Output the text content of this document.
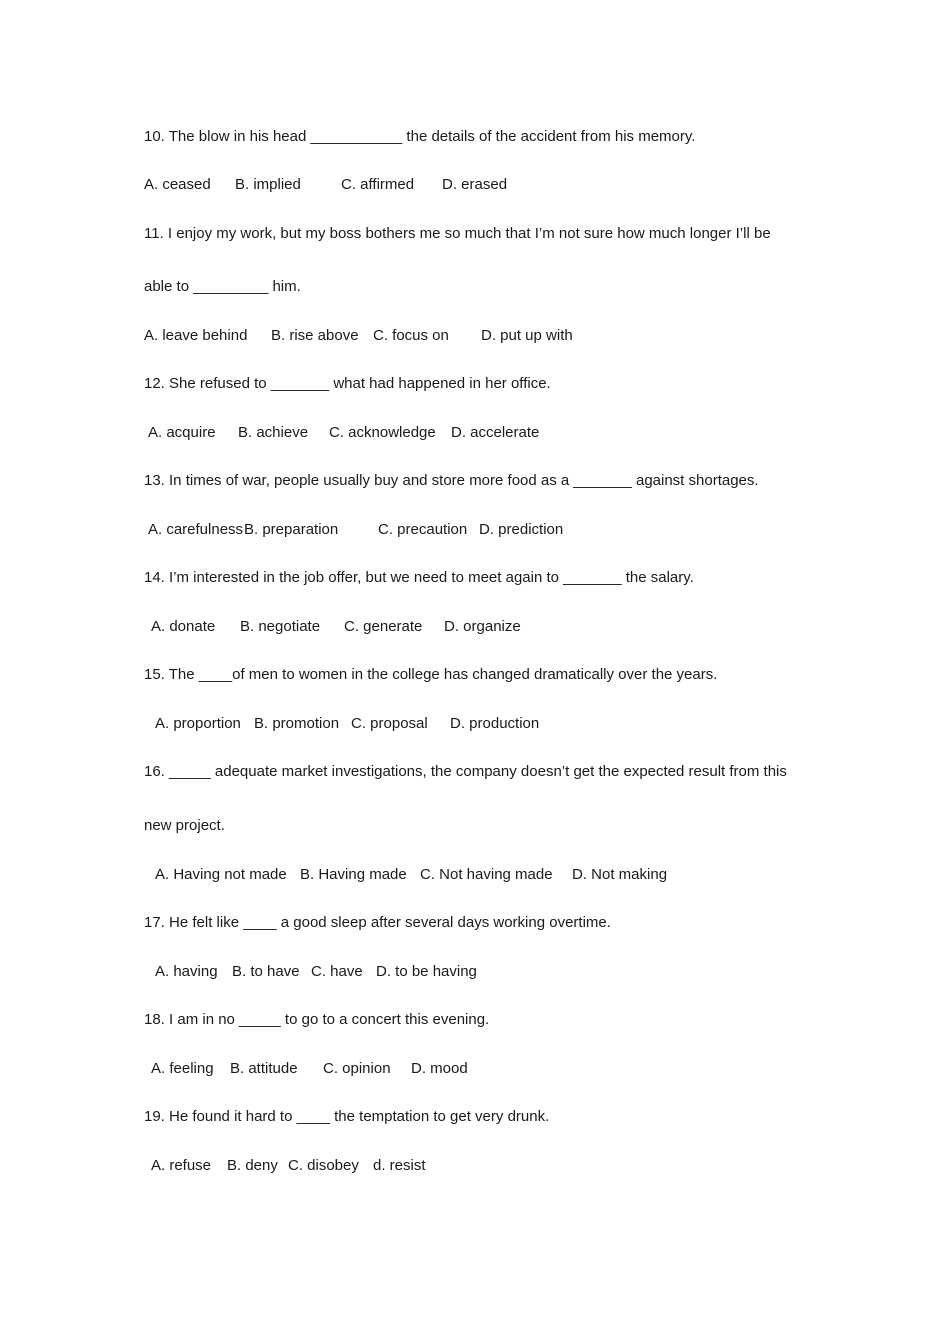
10. The blow in his head ___________ the details of the accident from his memory.

A. ceased

B. implied

	C. affirmed

D. erased

11. I enjoy my work, but my boss bothers me so much that I’m not sure how much longer I’ll be
able to _________ him.

A. leave behind

B. rise above

C. focus on

D. put up with

12. She refused to _______ what had happened in her office.

A. acquire

B. achieve

C. acknowledge

D. accelerate

13. In times of war, people usually buy and store more food as a _______ against shortages.

A. carefulness

B. preparation

	C. precaution

D. prediction

14. I’m interested in the job offer, but we need to meet again to _______ the salary.

A. donate

B. negotiate

C. generate

D. organize

15. The ____of men to women in the college has changed dramatically over the years.

A. proportion

B. promotion

C. proposal

D. production

16. _____ adequate market investigations, the company doesn’t get the expected result from this
new project.

A. Having not made

B. Having made

C. Not having made

D. Not making

17. He felt like ____ a good sleep after several days working overtime.

A. having

B. to have

C. have

D. to be having

18. I am in no _____ to go to a concert this evening.

A. feeling

B. attitude

C. opinion

D. mood

19. He found it hard to ____ the temptation to get very drunk.

A. refuse

B. deny

C. disobey

d. resist
